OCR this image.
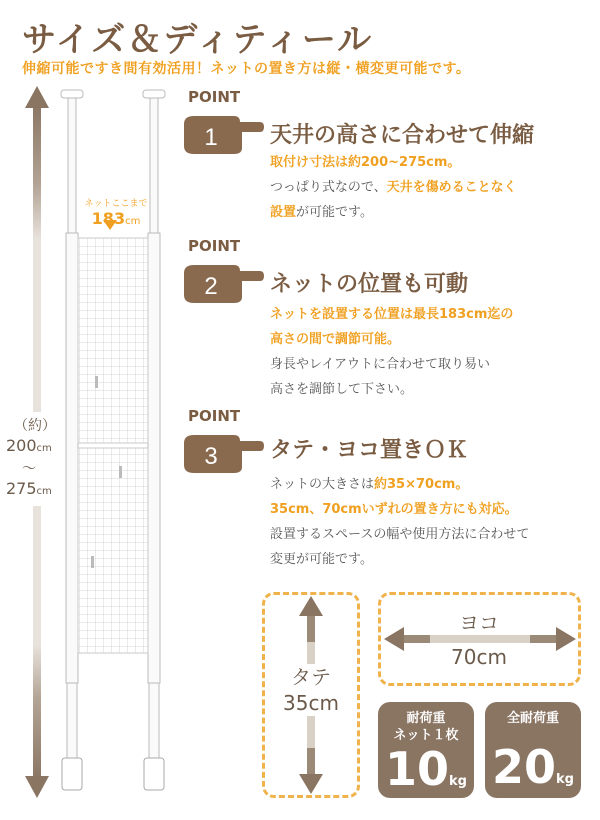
サイズ＆ディティール
伸縮可能ですき間有効活用！ネットの置き方は縦・横変更可能です。
（約）
200cm
～
275cm
ネットここまで
183cm
POINT
1 天井の高さに合わせて伸縮
取付け寸法は約200~275cm。
つっぱり式なので、天井を傷めることなく
設置が可能です。
POINT
2 ネットの位置も可動
ネットを設置する位置は最長183cm迄の
高さの間で調節可能。
身長やレイアウトに合わせて取り易い
高さを調節して下さい。
POINT
3 タテ・ヨコ置きＯＫ
ネットの大きさは約35×70cm。
35cm、70cmいずれの置き方にも対応。
設置するスペースの幅や使用方法に合わせて
変更が可能です。
タテ
35cm
ヨコ
70cm
耐荷重
ネット１枚
10kg
全耐荷重
20kg
